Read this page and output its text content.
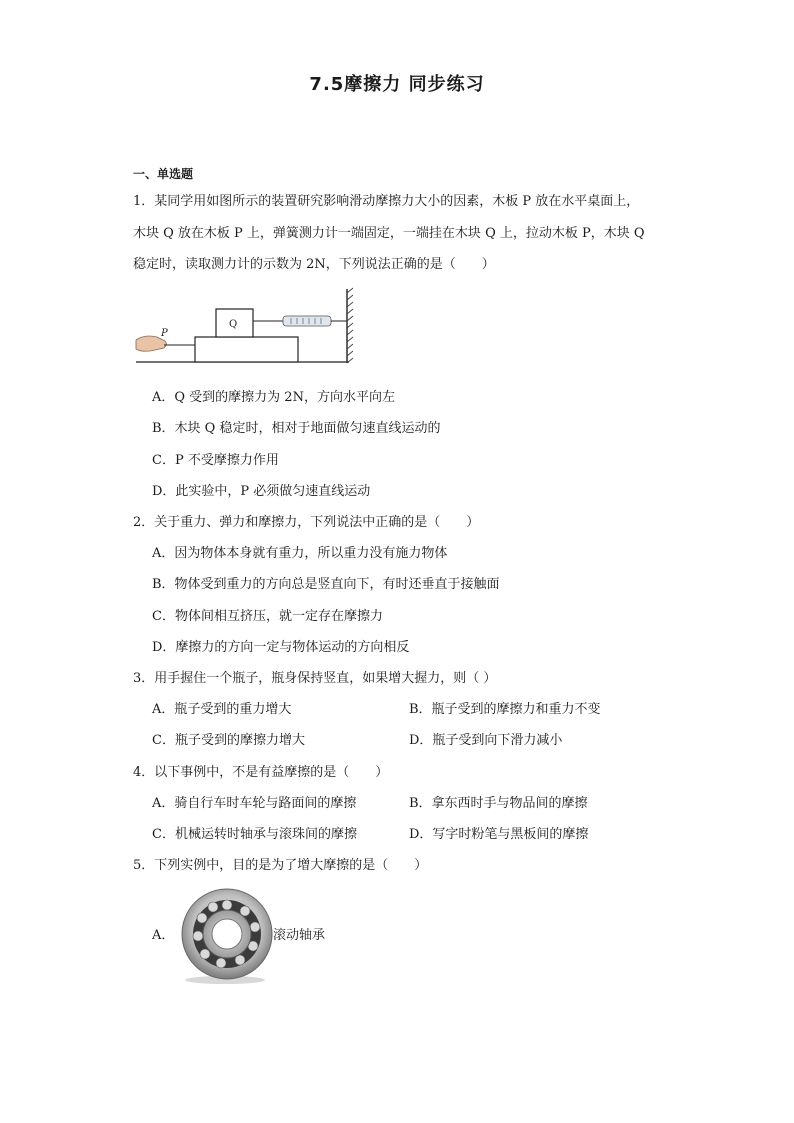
7.5摩擦力 同步练习
一、单选题
1．某同学用如图所示的装置研究影响滑动摩擦力大小的因素，木板 P 放在水平桌面上，
木块 Q 放在木板 P 上，弹簧测力计一端固定，一端挂在木块 Q 上，拉动木板 P，木块 Q
稳定时，读取测力计的示数为 2N，下列说法正确的是（　　）
Q
P
A．Q 受到的摩擦力为 2N，方向水平向左
B．木块 Q 稳定时，相对于地面做匀速直线运动的
C．P 不受摩擦力作用
D．此实验中，P 必须做匀速直线运动
2．关于重力、弹力和摩擦力，下列说法中正确的是（　　）
A．因为物体本身就有重力，所以重力没有施力物体
B．物体受到重力的方向总是竖直向下，有时还垂直于接触面
C．物体间相互挤压，就一定存在摩擦力
D．摩擦力的方向一定与物体运动的方向相反
3．用手握住一个瓶子，瓶身保持竖直，如果增大握力，则（ ）
A．瓶子受到的重力增大	B．瓶子受到的摩擦力和重力不变
C．瓶子受到的摩擦力增大	D．瓶子受到向下滑力减小
4．以下事例中，不是有益摩擦的是（　　）
A．骑自行车时车轮与路面间的摩擦	B．拿东西时手与物品间的摩擦
C．机械运转时轴承与滚珠间的摩擦	D．写字时粉笔与黑板间的摩擦
5．下列实例中，目的是为了增大摩擦的是（　　）
A．	滚动轴承
